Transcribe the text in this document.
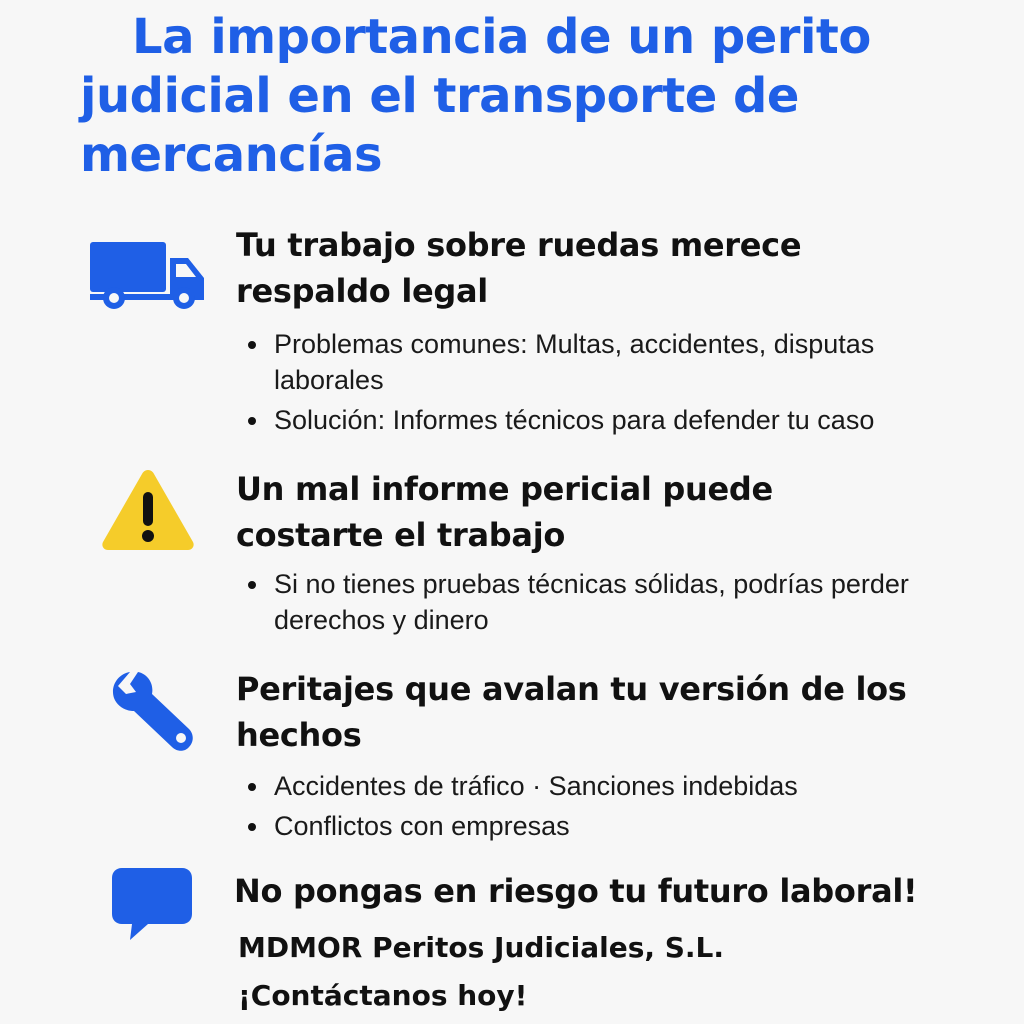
La importancia de un perito
judicial en el transporte de
mercancías
Tu trabajo sobre ruedas merece
respaldo legal
Problemas comunes: Multas, accidentes, disputas laborales
Solución: Informes técnicos para defender tu caso
Un mal informe pericial puede
costarte el trabajo
Si no tienes pruebas técnicas sólidas, podrías perder derechos y dinero
Peritajes que avalan tu versión de los
hechos
Accidentes de tráfico · Sanciones indebidas
Conflictos con empresas
No pongas en riesgo tu futuro laboral!
MDMOR Peritos Judiciales, S.L.
¡Contáctanos hoy!
